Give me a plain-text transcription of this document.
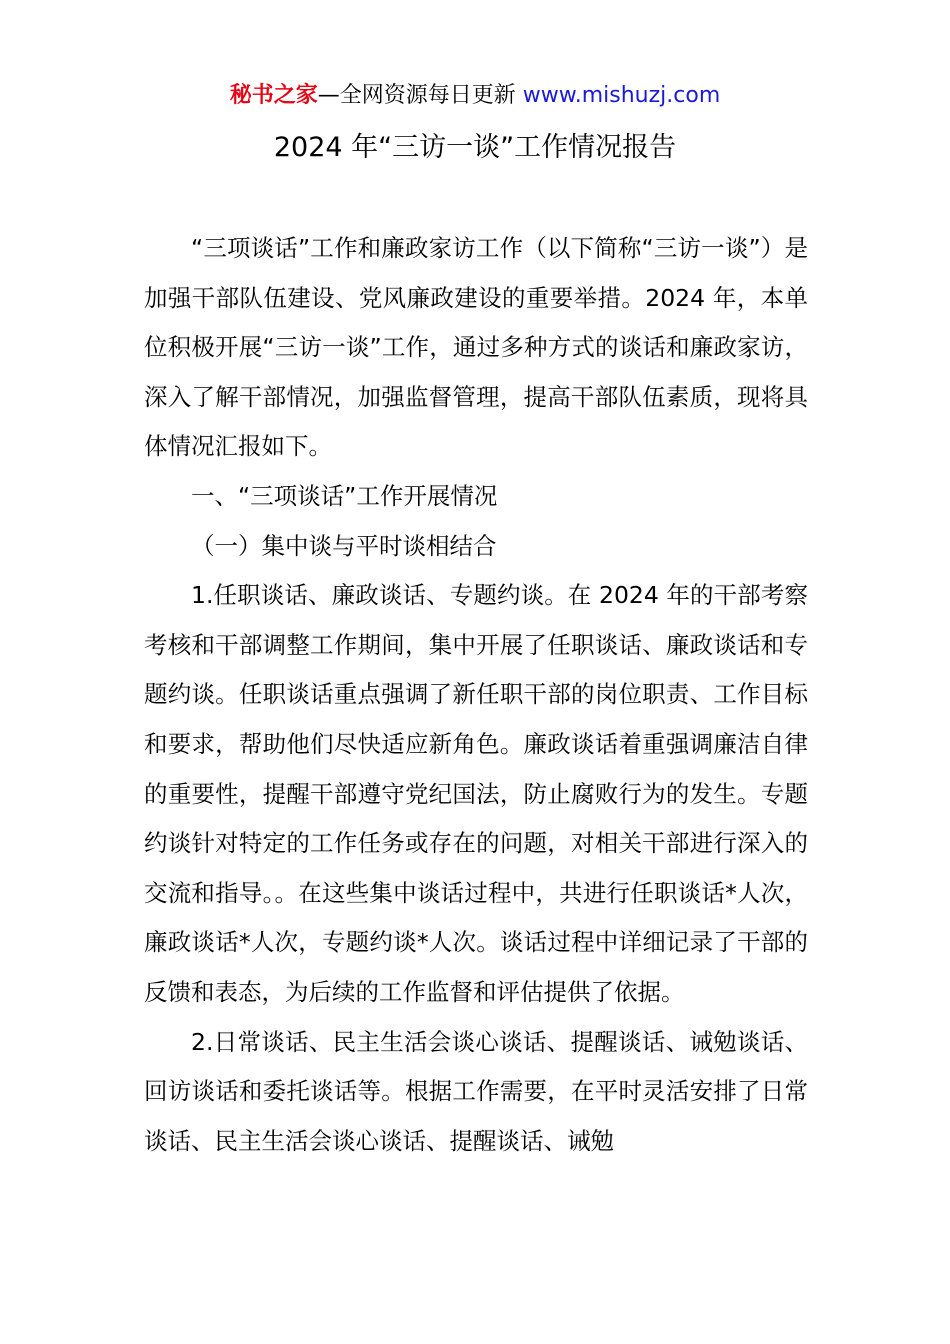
秘书之家—全网资源每日更新 www.mishuzj.com
2024 年“三访一谈”工作情况报告

“三项谈话”工作和廉政家访工作（以下简称“三访一谈”）是加强干部队伍建设、党风廉政建设的重要举措。2024 年，本单位积极开展“三访一谈”工作，通过多种方式的谈话和廉政家访，深入了解干部情况，加强监督管理，提高干部队伍素质，现将具体情况汇报如下。

一、“三项谈话”工作开展情况

（一）集中谈与平时谈相结合

1.任职谈话、廉政谈话、专题约谈。在 2024 年的干部考察考核和干部调整工作期间，集中开展了任职谈话、廉政谈话和专题约谈。任职谈话重点强调了新任职干部的岗位职责、工作目标和要求，帮助他们尽快适应新角色。廉政谈话着重强调廉洁自律的重要性，提醒干部遵守党纪国法，防止腐败行为的发生。专题约谈针对特定的工作任务或存在的问题，对相关干部进行深入的交流和指导。。在这些集中谈话过程中，共进行任职谈话*人次，廉政谈话*人次，专题约谈*人次。谈话过程中详细记录了干部的反馈和表态，为后续的工作监督和评估提供了依据。

2.日常谈话、民主生活会谈心谈话、提醒谈话、诫勉谈话、回访谈话和委托谈话等。根据工作需要，在平时灵活安排了日常谈话、民主生活会谈心谈话、提醒谈话、诫勉
